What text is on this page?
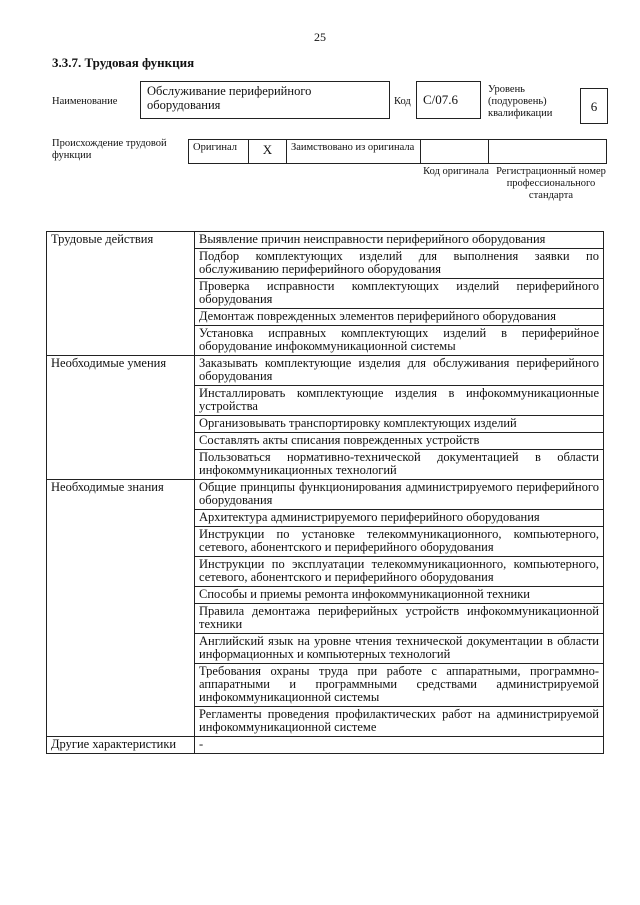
25
3.3.7. Трудовая функция
Наименование
Обслуживание периферийного оборудования	Код C/07.6
Уровень (подуровень) квалификации	6
Происхождение трудовой функции
Оригинал	X	Заимствовано из оригинала		
Код оригинала Регистрационный номер профессионального стандарта
Трудовые действия	Выявление причин неисправности периферийного оборудования
	Подбор комплектующих изделий для выполнения заявки по обслуживанию периферийного оборудования
	Проверка исправности комплектующих изделий периферийного оборудования
	Демонтаж поврежденных элементов периферийного оборудования
	Установка исправных комплектующих изделий в периферийное оборудование инфокоммуникационной системы
Необходимые умения	Заказывать комплектующие изделия для обслуживания периферийного оборудования
	Инсталлировать комплектующие изделия в инфокоммуникационные устройства
	Организовывать транспортировку комплектующих изделий
	Составлять акты списания поврежденных устройств
	Пользоваться нормативно-технической документацией в области инфокоммуникационных технологий
Необходимые знания	Общие принципы функционирования администрируемого периферийного оборудования
	Архитектура администрируемого периферийного оборудования
	Инструкции по установке телекоммуникационного, компьютерного, сетевого, абонентского и периферийного оборудования
	Инструкции по эксплуатации телекоммуникационного, компьютерного, сетевого, абонентского и периферийного оборудования
	Способы и приемы ремонта инфокоммуникационной техники
	Правила демонтажа периферийных устройств инфокоммуникационной техники
	Английский язык на уровне чтения технической документации в области информационных и компьютерных технологий
	Требования охраны труда при работе с аппаратными, программно-аппаратными и программными средствами администрируемой инфокоммуникационной системы
	Регламенты проведения профилактических работ на администрируемой инфокоммуникационной системе
Другие характеристики	-
